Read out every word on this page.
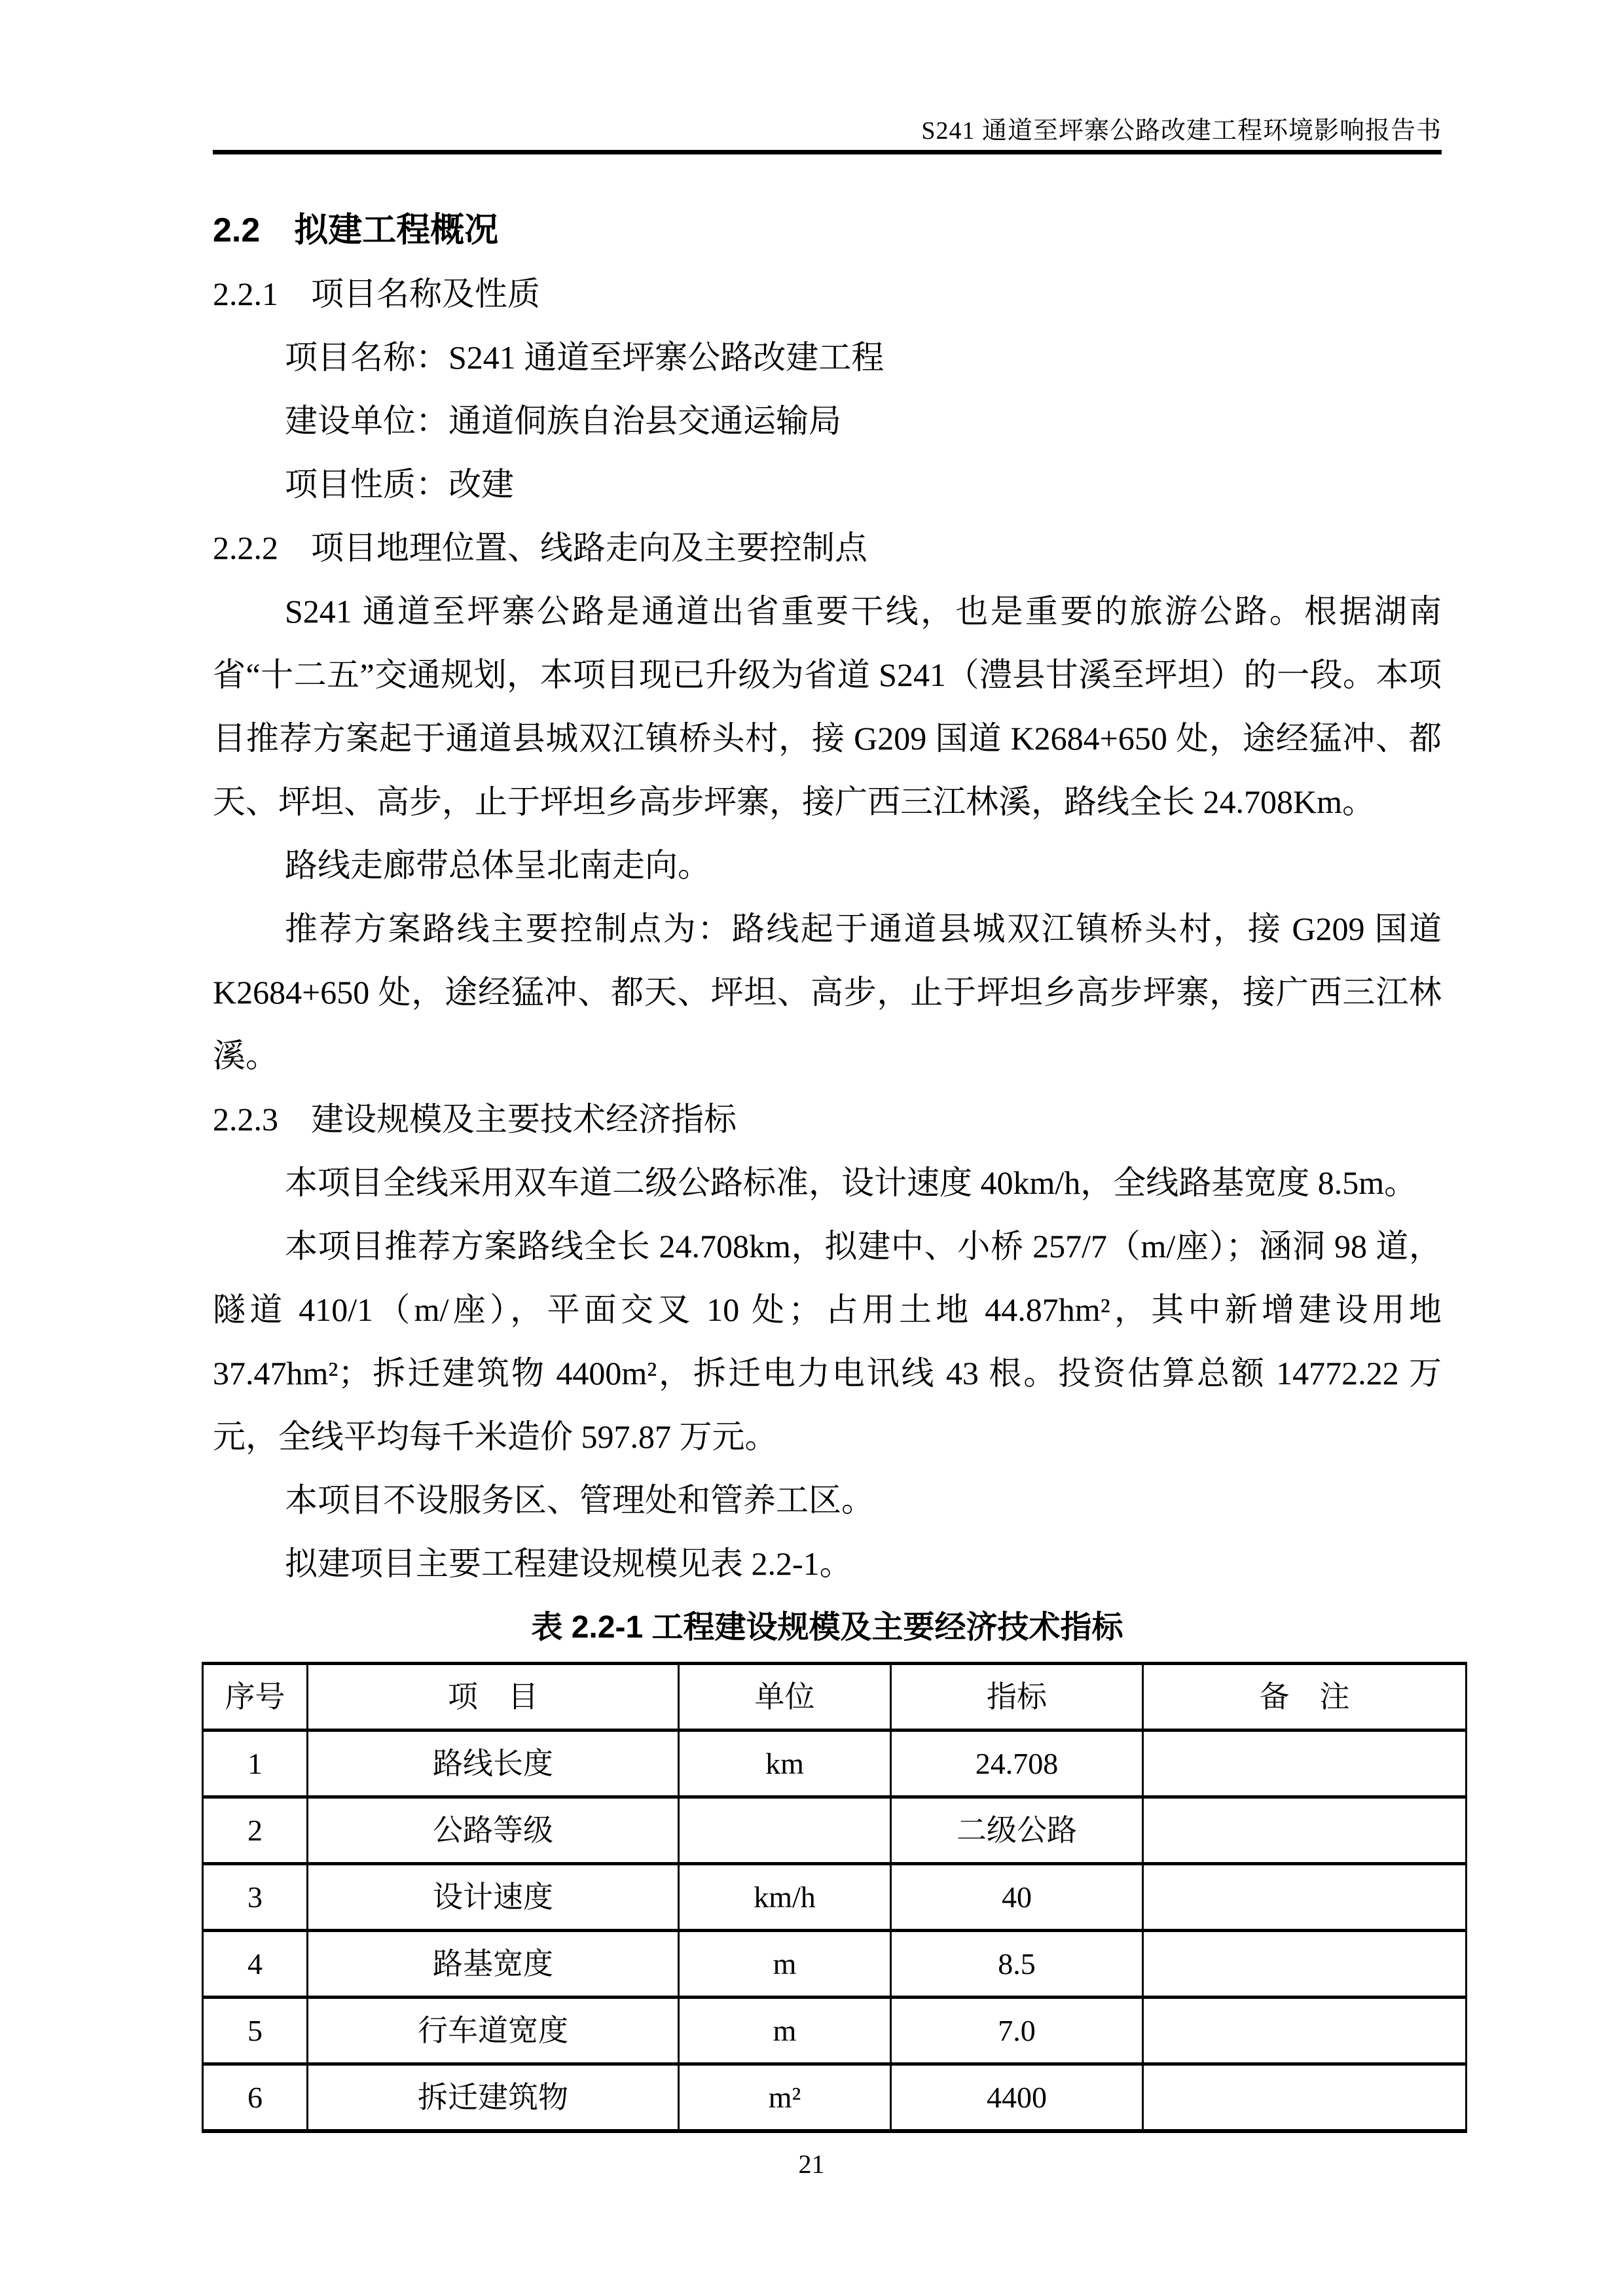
S241 通道至坪寨公路改建工程环境影响报告书
2.2　拟建工程概况
2.2.1　项目名称及性质

项目名称：S241 通道至坪寨公路改建工程

建设单位：通道侗族自治县交通运输局

项目性质：改建

2.2.2　项目地理位置、线路走向及主要控制点

S241 通道至坪寨公路是通道出省重要干线，也是重要的旅游公路。根据湖南省“十二五”交通规划，本项目现已升级为省道 S241（澧县甘溪至坪坦）的一段。本项目推荐方案起于通道县城双江镇桥头村，接 G209 国道 K2684+650 处，途经猛冲、都天、坪坦、高步，止于坪坦乡高步坪寨，接广西三江林溪，路线全长 24.708Km。

路线走廊带总体呈北南走向。

推荐方案路线主要控制点为：路线起于通道县城双江镇桥头村，接 G209 国道 K2684+650 处，途经猛冲、都天、坪坦、高步，止于坪坦乡高步坪寨，接广西三江林溪。

2.2.3　建设规模及主要技术经济指标

本项目全线采用双车道二级公路标准，设计速度 40km/h，全线路基宽度 8.5m。

本项目推荐方案路线全长 24.708km，拟建中、小桥 257/7（m/座）；涵洞 98 道，隧道 410/1（m/座），平面交叉 10 处；占用土地 44.87hm²，其中新增建设用地 37.47hm²；拆迁建筑物 4400m²，拆迁电力电讯线 43 根。投资估算总额 14772.22 万元，全线平均每千米造价 597.87 万元。

本项目不设服务区、管理处和管养工区。

拟建项目主要工程建设规模见表 2.2-1。

表 2.2-1 工程建设规模及主要经济技术指标
序号	项　目	单位	指标	备　注
1	路线长度	km	24.708	
2	公路等级		二级公路	
3	设计速度	km/h	40	
4	路基宽度	m	8.5	
5	行车道宽度	m	7.0	
6	拆迁建筑物	m²	4400	
21
